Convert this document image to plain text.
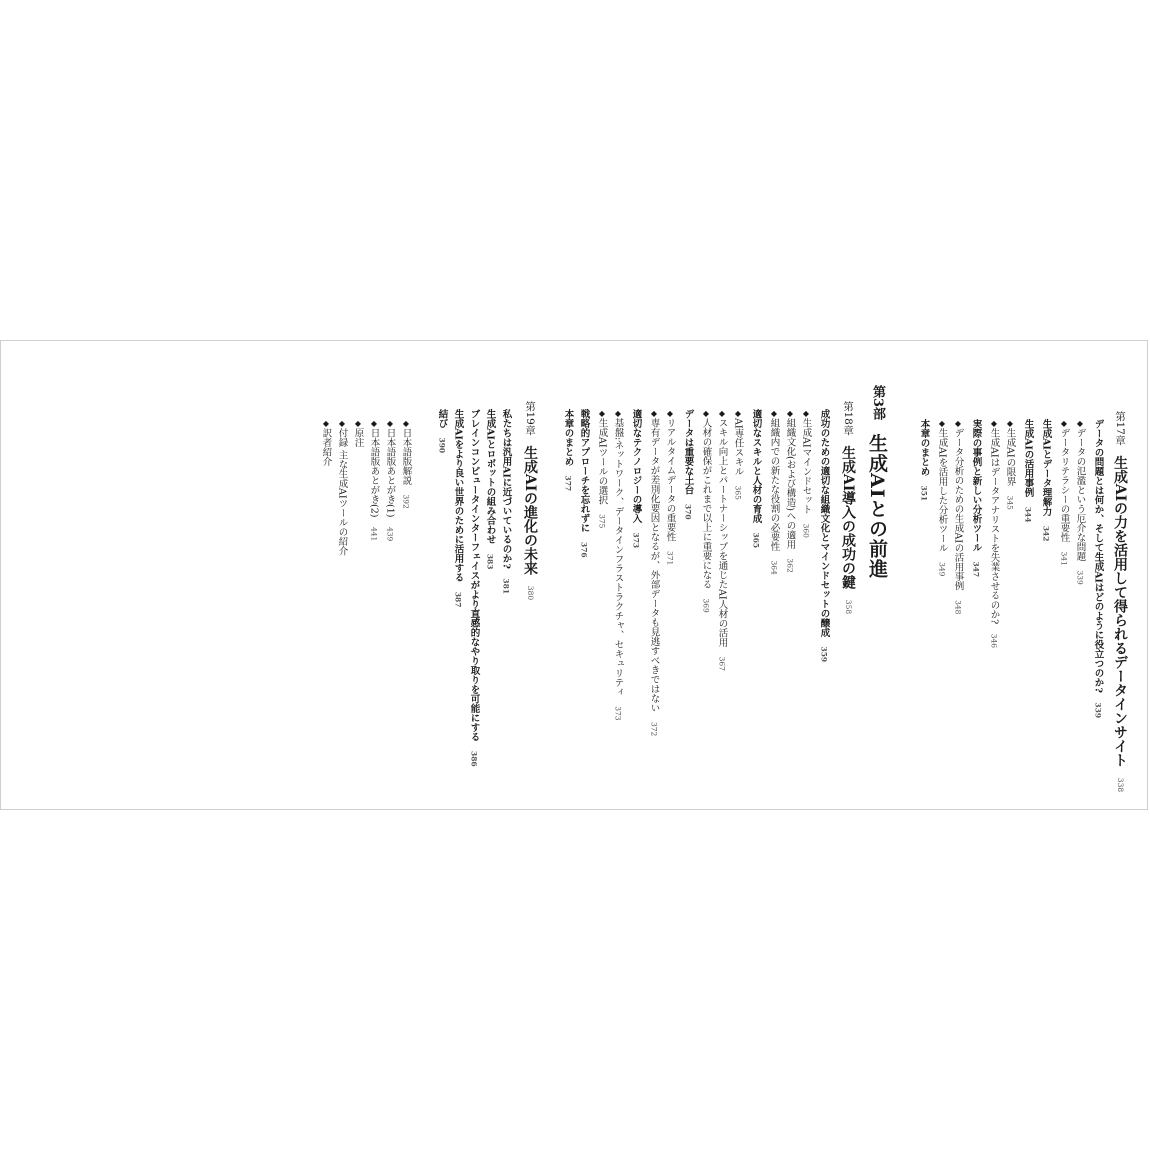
第17章　生成AIの力を活用して得られるデータインサイト　338
データの問題とは何か、そして生成AIはどのように役立つのか?　339
◆データの氾濫という厄介な問題　339
◆データリテラシーの重要性　341
生成AIとデータ理解力　342
生成AIの活用事例　344
◆生成AIの限界　345
◆生成AIはデータアナリストを失業させるのか?　346
実際の事例と新しい分析ツール　347
◆データ分析のための生成AIの活用事例　348
◆生成AIを活用した分析ツール　349
本章のまとめ　351
第3部　生成AIとの前進
第18章　生成AI導入の成功の鍵　358
成功のための適切な組織文化とマインドセットの醸成　359
◆生成AIマインドセット　360
◆組織文化(および構造)への適用　362
◆組織内での新たな役割の必要性　364
適切なスキルと人材の育成　365
◆AI専任スキル　365
◆スキル向上とパートナーシップを通じたAI人材の活用　367
◆人材の確保がこれまで以上に重要になる　369
データは重要な土台　370
◆リアルタイムデータの重要性　371
◆専有データが差別化要因となるが、外部データも見逃すべきではない　372
適切なテクノロジーの導入　373
◆基盤:ネットワーク、データインフラストラクチャ、セキュリティ　373
◆生成AIツールの選択　375
戦略的アプローチを忘れずに　376
本章のまとめ　377
第19章　生成AIの進化の未来　380
私たちは汎用AIに近づいているのか?　381
生成AIとロボットの組み合わせ　383
ブレインコンピュータインターフェイスがより直感的なやり取りを可能にする　386
生成AIをより良い世界のために活用する　387
結び　390
◆日本語版解説　392
◆日本語版あとがき(1)　439
◆日本語版あとがき(2)　441
◆原注
◆付録 主な生成AIツールの紹介
◆訳者紹介
